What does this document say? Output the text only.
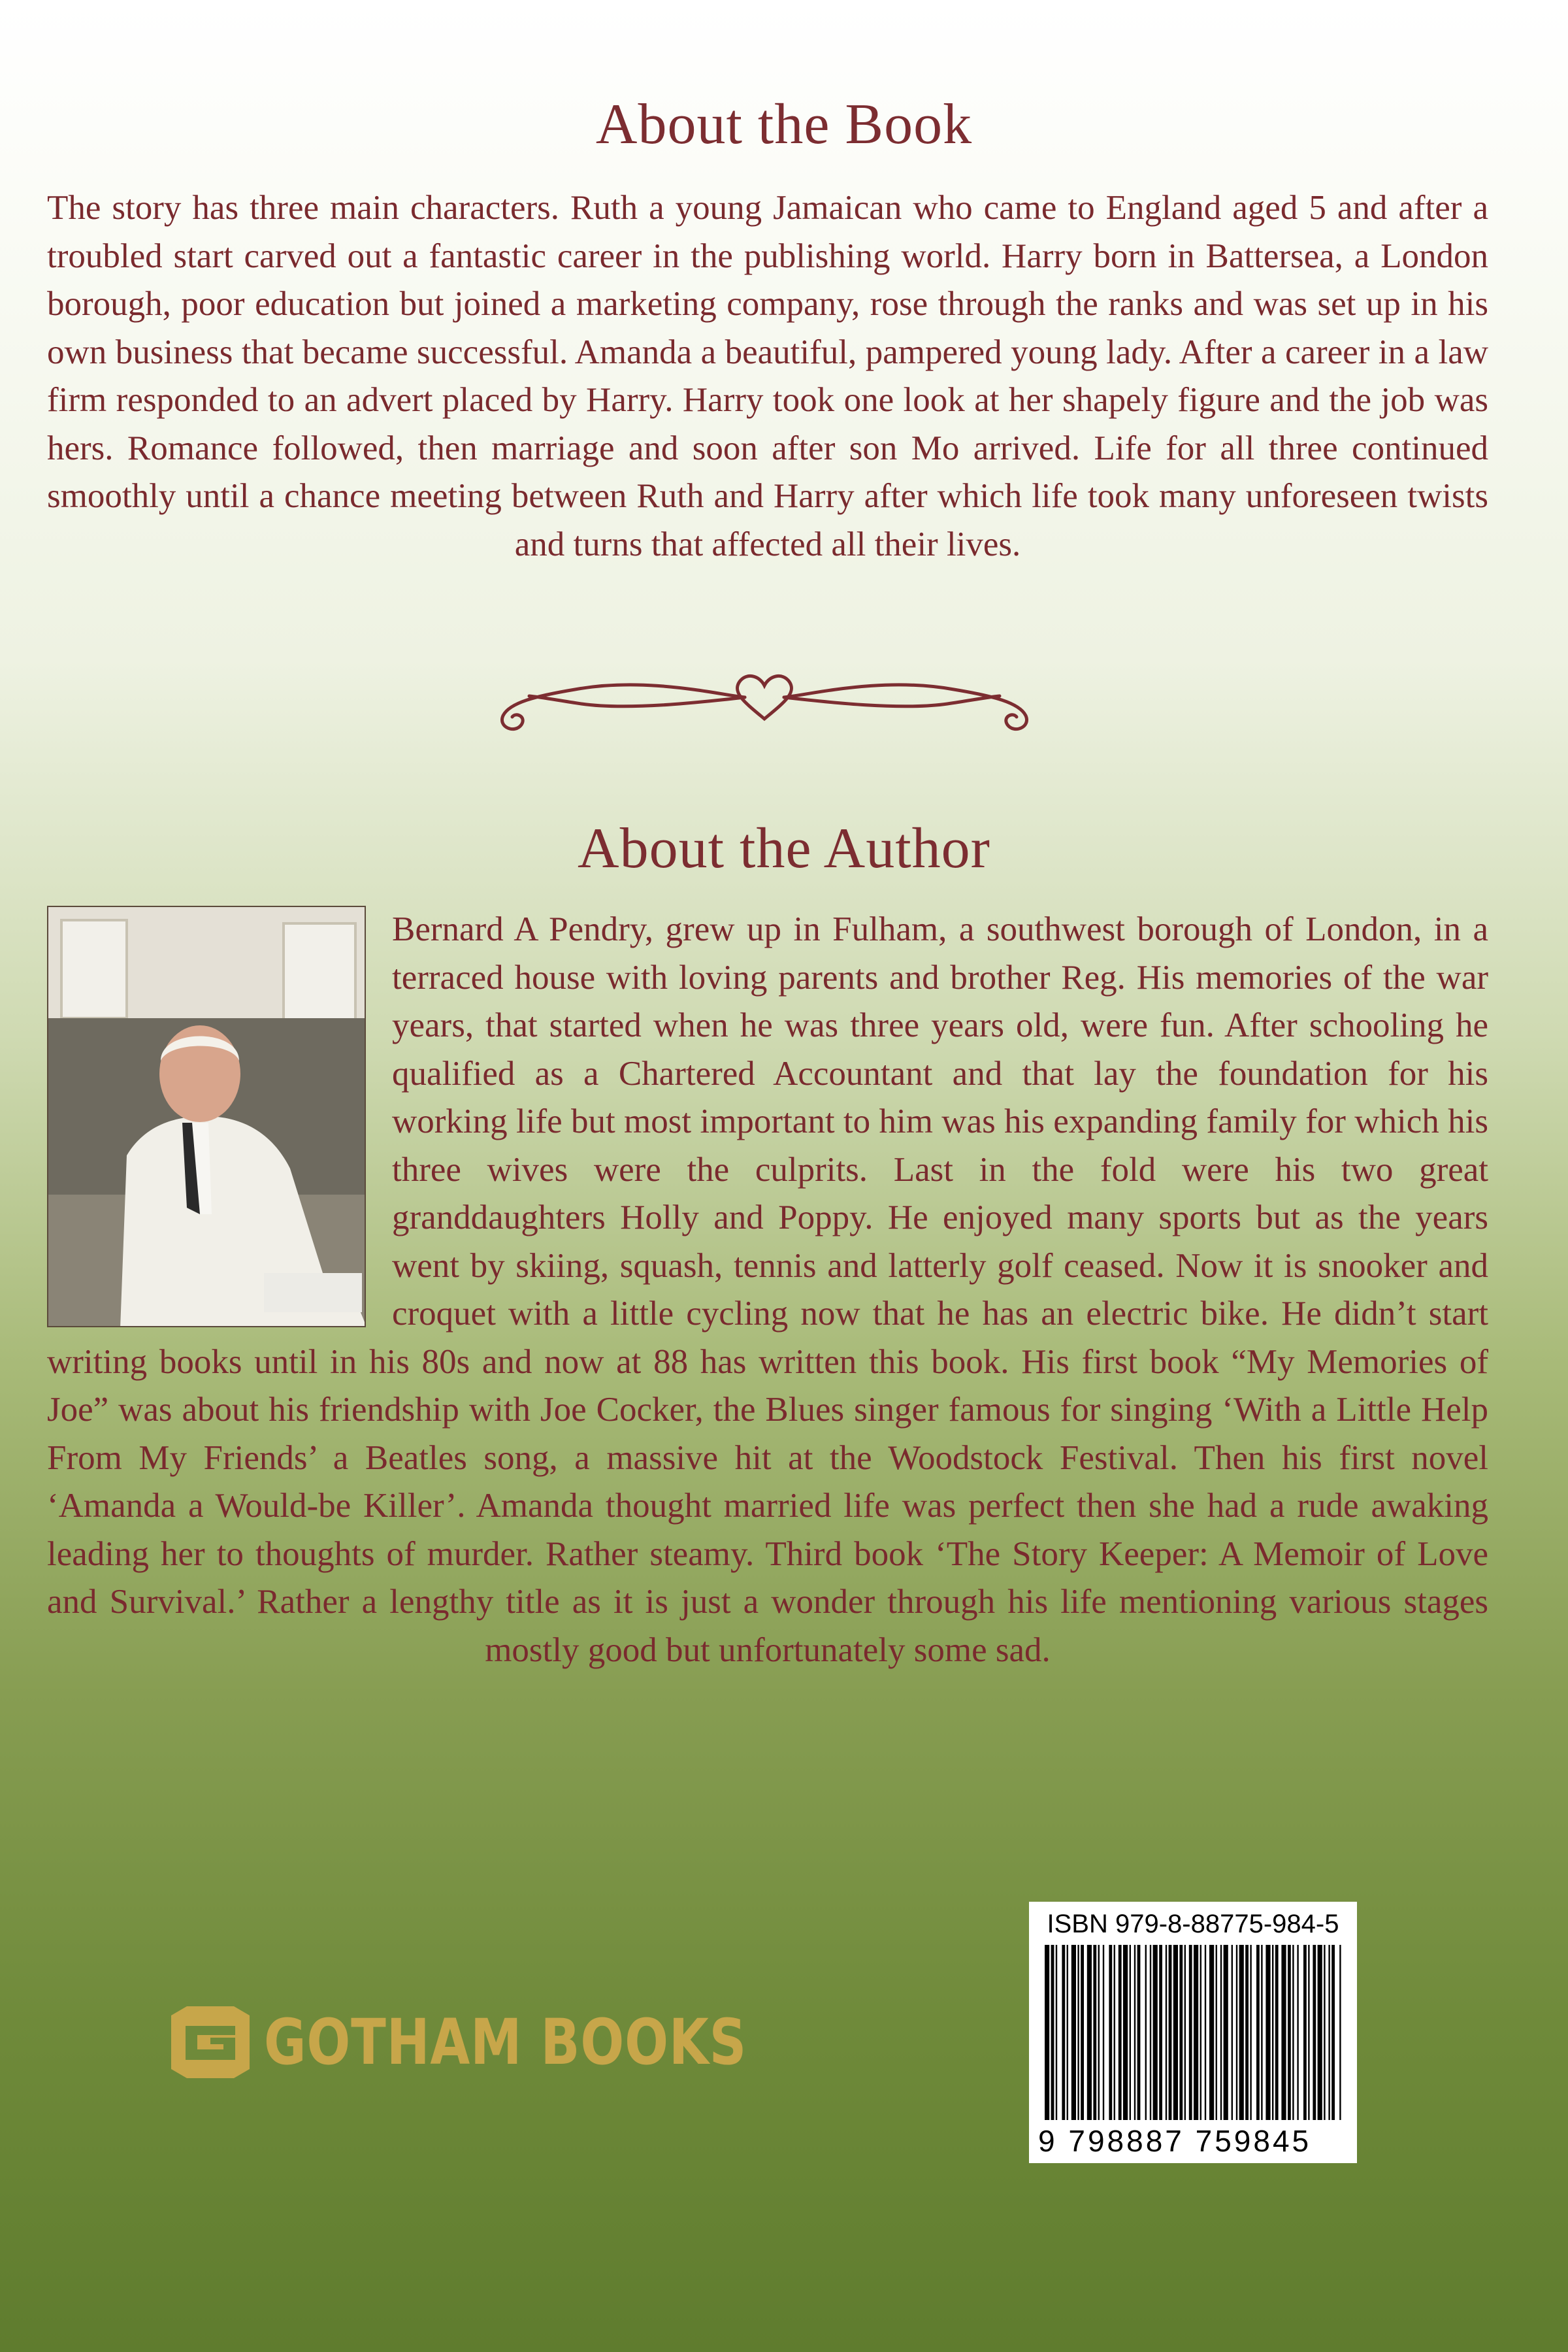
About the Book

The story has three main characters. Ruth a young Jamaican who came to England aged 5 and after a troubled start carved out a fantastic career in the publishing world. Harry born in Battersea, a London borough, poor education but joined a marketing company, rose through the ranks and was set up in his own business that became successful. Amanda a beautiful, pampered young lady. After a career in a law firm responded to an advert placed by Harry. Harry took one look at her shapely figure and the job was hers. Romance followed, then marriage and soon after son Mo arrived. Life for all three continued smoothly until a chance meeting between Ruth and Harry after which life took many unforeseen twists and turns that affected all their lives.

About the Author

Bernard A Pendry, grew up in Fulham, a southwest borough of London, in a terraced house with loving parents and brother Reg. His memories of the war years, that started when he was three years old, were fun. After schooling he qualified as a Chartered Accountant and that lay the foundation for his working life but most important to him was his expanding family for which his three wives were the culprits. Last in the fold were his two great granddaughters Holly and Poppy. He enjoyed many sports but as the years went by skiing, squash, tennis and latterly golf ceased. Now it is snooker and croquet with a little cycling now that he has an electric bike. He didn’t start writing books until in his 80s and now at 88 has written this book. His first book “My Memories of Joe” was about his friendship with Joe Cocker, the Blues singer famous for singing ‘With a Little Help From My Friends’ a Beatles song, a massive hit at the Woodstock Festival. Then his first novel ‘Amanda a Would-be Killer’. Amanda thought married life was perfect then she had a rude awaking leading her to thoughts of murder. Rather steamy. Third book ‘The Story Keeper: A Memoir of Love and Survival.’ Rather a lengthy title as it is just a wonder through his life mentioning various stages mostly good but unfortunately some sad.

GOTHAM BOOKS
ISBN 979-8-88775-984-5
9 798887 759845
